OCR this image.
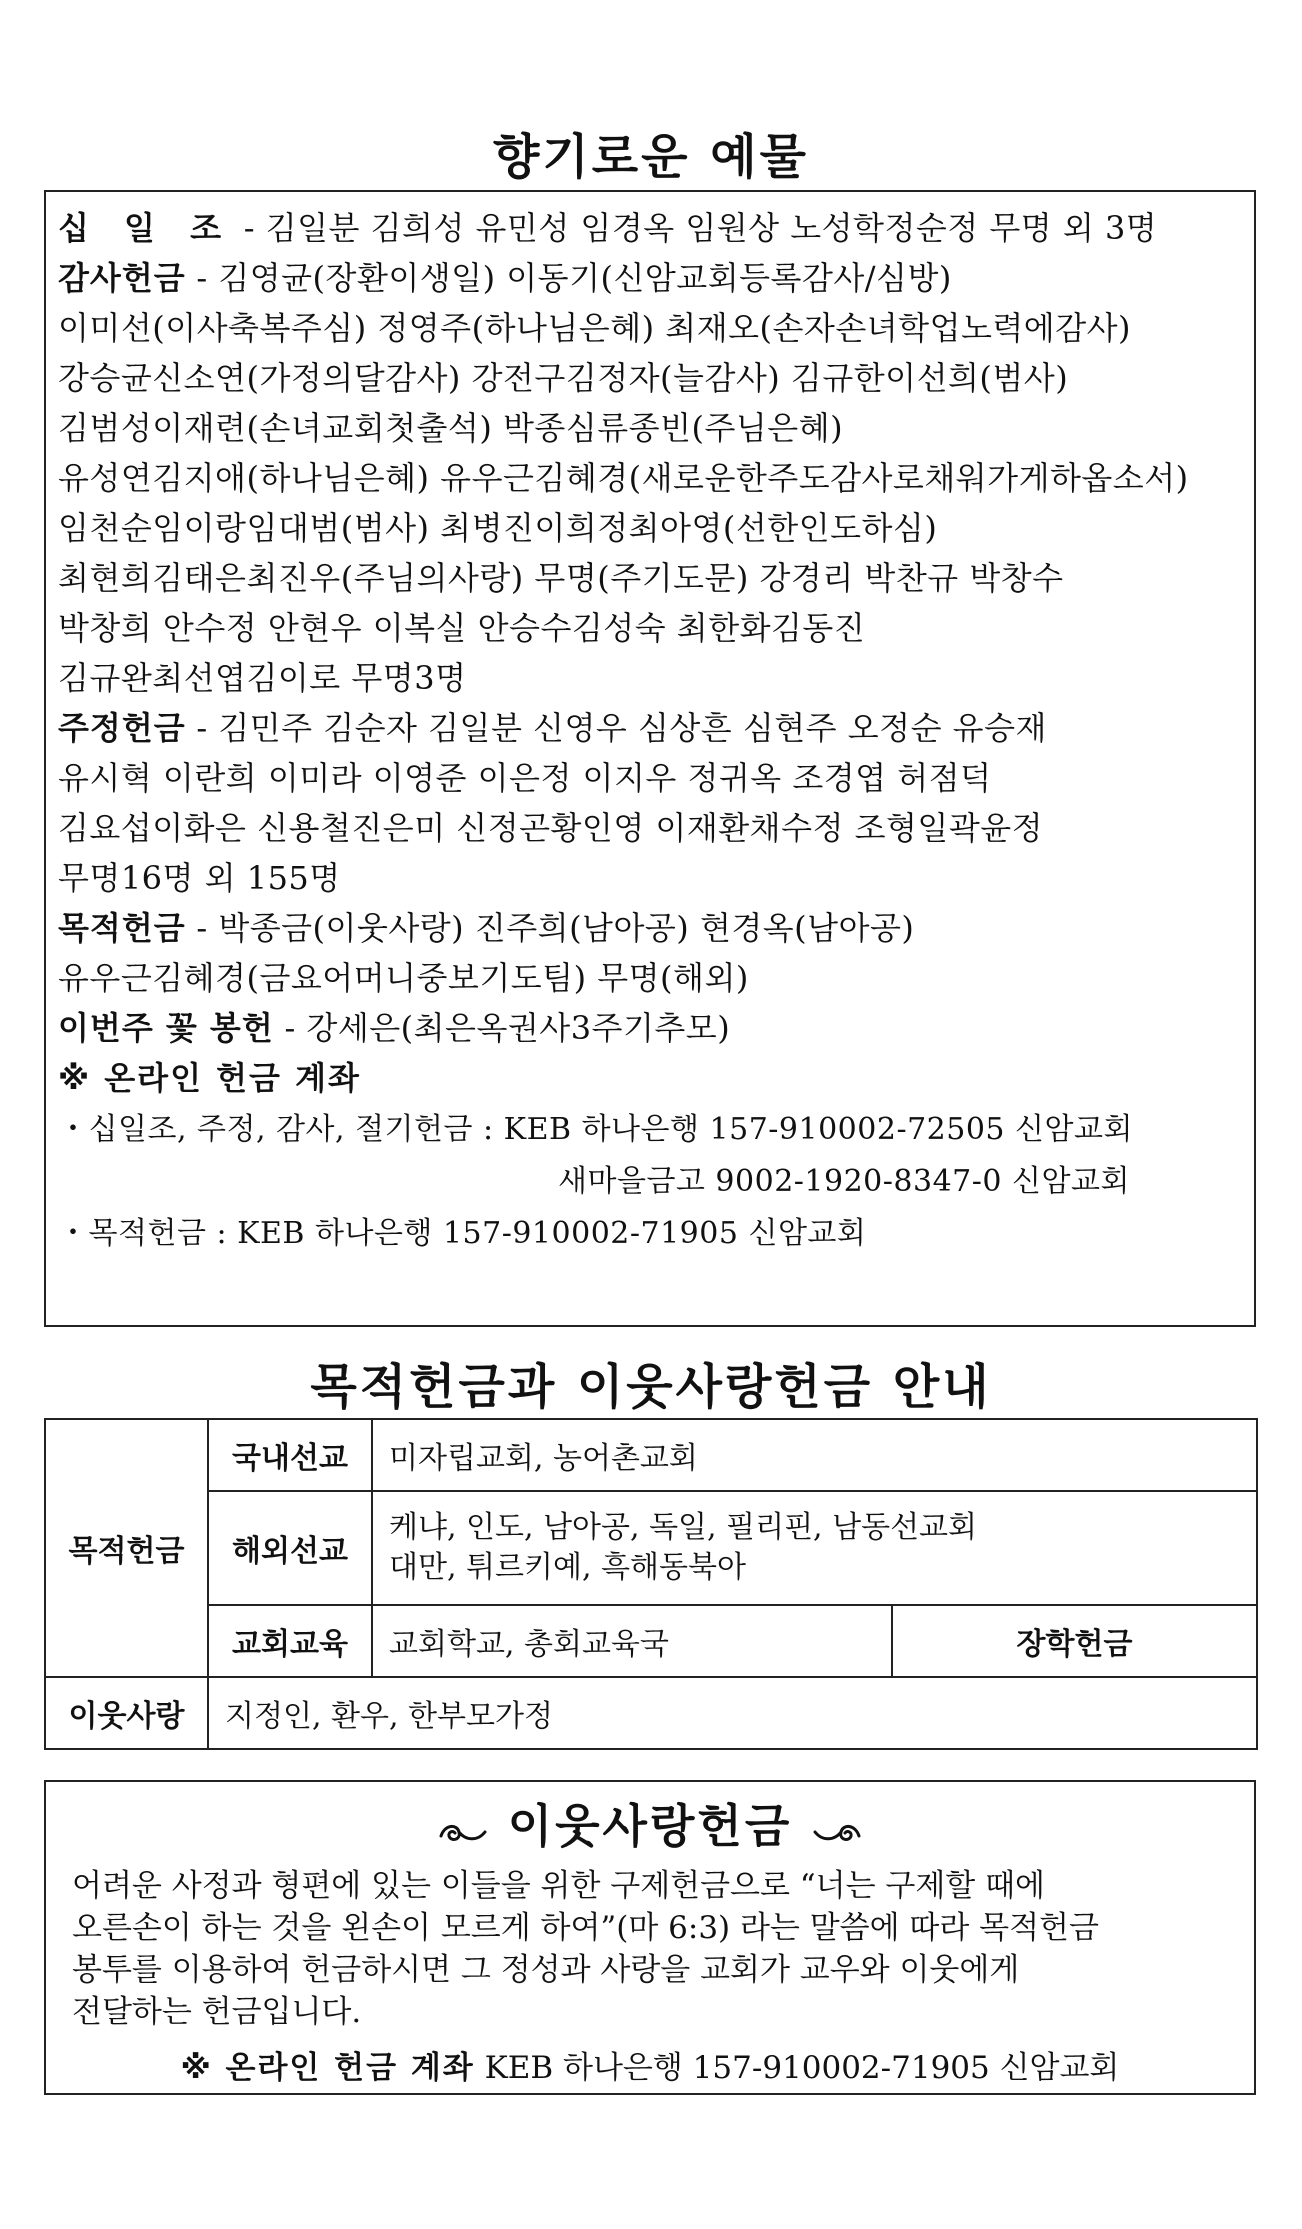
향기로운 예물
십 일 조 - 김일분 김희성 유민성 임경옥 임원상 노성학정순정 무명 외 3명
감사헌금 - 김영균(장환이생일) 이동기(신암교회등록감사/심방)
이미선(이사축복주심) 정영주(하나님은혜) 최재오(손자손녀학업노력에감사)
강승균신소연(가정의달감사) 강전구김정자(늘감사) 김규한이선희(범사)
김범성이재련(손녀교회첫출석) 박종심류종빈(주님은혜)
유성연김지애(하나님은혜) 유우근김혜경(새로운한주도감사로채워가게하옵소서)
임천순임이랑임대범(범사) 최병진이희정최아영(선한인도하심)
최현희김태은최진우(주님의사랑) 무명(주기도문) 강경리 박찬규 박창수
박창희 안수정 안현우 이복실 안승수김성숙 최한화김동진
김규완최선엽김이로 무명3명
주정헌금 - 김민주 김순자 김일분 신영우 심상흔 심현주 오정순 유승재
유시혁 이란희 이미라 이영준 이은정 이지우 정귀옥 조경엽 허점덕
김요섭이화은 신용철진은미 신정곤황인영 이재환채수정 조형일곽윤정
무명16명 외 155명
목적헌금 - 박종금(이웃사랑) 진주희(남아공) 현경옥(남아공)
유우근김혜경(금요어머니중보기도팀) 무명(해외)
이번주 꽃 봉헌 - 강세은(최은옥권사3주기추모)
※ 온라인 헌금 계좌
・십일조, 주정, 감사, 절기헌금 : KEB 하나은행 157-910002-72505 신암교회
새마을금고 9002-1920-8347-0 신암교회
・목적헌금 : KEB 하나은행 157-910002-71905 신암교회
목적헌금과 이웃사랑헌금 안내
목적헌금	국내선교	미자립교회, 농어촌교회	
	해외선교	케냐, 인도, 남아공, 독일, 필리핀, 남동선교회
대만, 튀르키예, 흑해동북아	

	교회교육	교회학교, 총회교육국	장학헌금
이웃사랑	지정인, 환우, 한부모가정		
이웃사랑헌금
어려운 사정과 형편에 있는 이들을 위한 구제헌금으로 “너는 구제할 때에
오른손이 하는 것을 왼손이 모르게 하여”(마 6:3) 라는 말씀에 따라 목적헌금
봉투를 이용하여 헌금하시면 그 정성과 사랑을 교회가 교우와 이웃에게
전달하는 헌금입니다.
※ 온라인 헌금 계좌 KEB 하나은행 157-910002-71905 신암교회
